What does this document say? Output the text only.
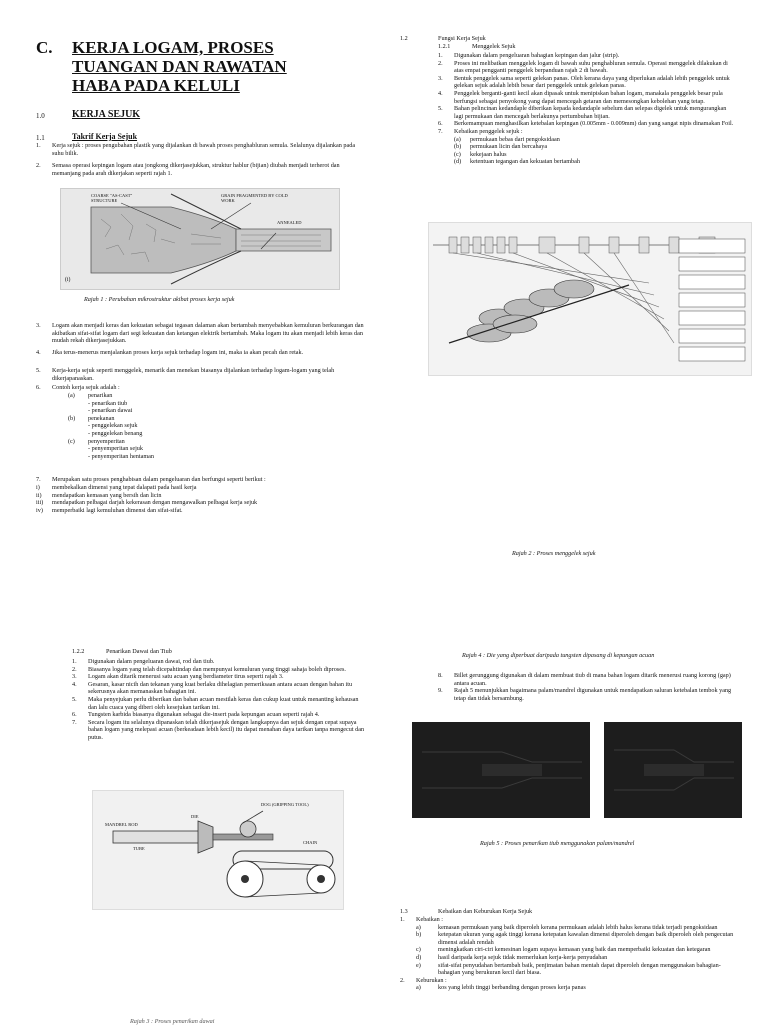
C. KERJA LOGAM, PROSES
TUANGAN DAN RAWATAN
HABA PADA KELULI
1.0	KERJA SEJUK
1.1	Takrif Kerja Sejuk
1.	Kerja sejuk : proses pengubahan plastik yang dijalankan di bawah proses penghabluran semula. Selalunya dijalankan pada suhu bilik.
2.	Semasa operasi kepingan logam atau jongkong dikerjasejukkan, struktur hablur (bijian) diubah menjadi terherot dan memanjang pada arah dikerjakan seperti rajah 1.
COARSE "AS-CAST" STRUCTURE
GRAIN FRAGMENTED BY COLD WORK
ANNEALED
(i)
Rajah 1 : Perubahan mikrostruktur akibat proses kerja sejuk
3.	Logam akan menjadi keras dan kekuatan sebagai tegasan dalaman akan bertambah menyebabkan kemuluran berkurangan dan akibatkan sifat-sifat logam dari segi kekuatan dan ketangan elektrik bertambah. Maka logam itu akan menjadi lebih keras dan mudah rekah dikerjasejukkan.
4.	Jika terus-menerus menjalankan proses kerja sejuk terhadap logam ini, maka ia akan pecah dan retak.
5.	Kerja-kerja sejuk seperti menggelek, menarik dan menekan biasanya dijalankan terhadap logam-logam yang telah dikerjapanaskan.
6.	Contoh kerja sejuk adalah :
(a)	penarikan
- penarikan tiub
- penarikan dawai
(b)	penekanan
- penggelekan sejuk
- penggelekan benang
(c)	penyemperitan
- penyemperitan sejuk
- penyemperitan hentaman
7.	Merupakan satu proses penghabisan dalam pengeluaran dan berfungsi seperti berikut :
i)	membekalkan dimensi yang tepat dalapati pada hasil kerja
ii)	mendapatkan kemasan yang bersih dan licin
iii)	mendapatkan pelbagai darjah kekerasan dengan mengawalkan pelbagai kerja sejuk
iv)	memperbaiki lagi kemuluhan dimensi dan sifat-sifat.
1.2	Fungsi Kerja Sejuk
1.2.1	Menggelek Sejuk
1.	Digunakan dalam pengeluaran bahagian kepingan dan jalur (strip).
2.	Proses ini melibatkan menggelek logam di bawah suhu penghabluran semula. Operasi menggelek dilakukan di atas empat pengganti penggelek berpanduan rajah 2 di bawah.
3.	Bentuk penggelek sama seperti gelekan panas. Oleh kerana daya yang diperlukan adalah lebih penggelek untuk gelekan sejuk adalah lebih besar dari penggelek untuk gelekan panas.
4.	Penggelek berganti-ganti kecil akan dipasak untuk menipiskan bahan logam, manakala penggelek besar pula berfungsi sebagai penyokong yang dapat mencegah getaran dan memesongkan kebolehan yang tetap.
5.	Bahan pelincinan kedandaple diberikan kepada kedandaple sebelum dan selepas digelek untuk mengurangkan lagi permukaan dan mencegah berlakunya pertumbuhan bijian.
6.	Berkemampuan menghasilkan ketebalan kepingan (0.005mm - 0.009mm) dan yang sangat nipis dinamakan Foil.
7.	Kebaikan penggelek sejuk :
(a)	permukaan bebas dari pengoksidaan
(b)	permukaan licin dan bercahaya
(c)	kekejaan halus
(d)	ketentuan tegangan dan kekuatan bertambah
Rajah 2 : Proses menggelek sejuk
1.2.2	Penarikan Dawai dan Tiub
1.	Digunakan dalam pengeluaran dawai, rod dan tiub.
2.	Biasanya logam yang telah dicepahtindap dan mempunyai kemuluran yang tinggi sahaja boleh diproses.
3.	Logam akan ditarik menerusi satu acuan yang berdiameter tirus seperti rajah 3.
4.	Gesaran, kasar nicih dan tekanan yang kuat berlaku dihelagian pemeriksaan antara acuan dengan bahan itu sekerusnya akan memanaskan bahagian ini.
5.	Maka penyejukan perlu diberikan dan bahan acuan mestilah keras dan cukup kuat untuk menanting kehausan dan lalu cuaca yang diberi oleh kesejukan tarikan ini.
6.	Tungsten karbida biasanya digunakan sebagai die-insert pada kepungan acuan seperti rajah 4.
7.	Secara logam itu selalunya dipanaskan telah dikerjasejuk dengan langkapnya dan sejuk dengan cepat supaya bahan logam yang melepasi acuan (berkeadaan lebih kecil) itu dapat menahan daya tarikan tanpa mengecut dan putus.
MANDREL ROD
DIE
TUBE
DOG (GRIPPING TOOL)
CHAIN
Rajah 3 : Proses penarikan dawai
Rajah 4 : Die yang diperbuat daripada tungsten dipasang di kepungan acuan
8.	Billet gerunggung digunakan di dalam membuat tiub di mana bahan logam ditarik menerusi ruang korong (gap) antara acuan.
9.	Rajah 5 menunjukkan bagaimana palam/mandrel digunakan untuk mendapatkan saluran ketebalan tembok yang tetap dan tidak bersambung.
Rajah 5 : Proses penarikan tiub menggunakan palam/mandrel
1.3	Kebaikan dan Keburukan Kerja Sejuk
1.	Kebaikan :
a)	kemasan permukaan yang baik diperoleh kerana permukaan adalah lebih halus kerana tidak terjadi pengoksidaan
b)	ketepatan ukuran yang agak tinggi kerana ketepatan kawalan dimensi diperoleh dengan baik diperoleh oleh pengecutan dimensi adalah rendah
c)	meningkatkan ciri-ciri kemesinan logam supaya kemasan yang baik dan memperbaiki kekuatan dan ketegaran
d)	hasil daripada kerja sejuk tidak memerlukan kerja-kerja penyudahan
e)	sifat-sifat penyudahan bertambah baik, penjimatan bahan mentah dapat diperoleh dengan menggunakan bahagian-bahagian yang berukuran kecil dari biasa.
2.	Keburukan :
a)	kos yang lebih tinggi berbanding dengan proses kerja panas
